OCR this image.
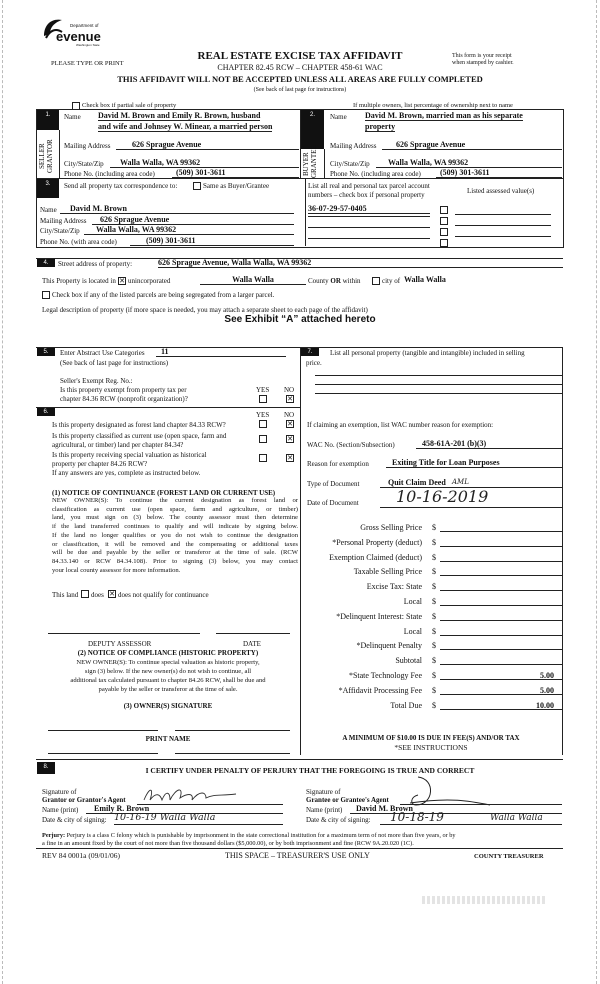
evenue
Department of
Washington State
PLEASE TYPE OR PRINT
REAL ESTATE EXCISE TAX AFFIDAVIT
CHAPTER 82.45 RCW – CHAPTER 458-61 WAC
This form is your receipt
when stamped by cashier.
THIS AFFIDAVIT WILL NOT BE ACCEPTED UNLESS ALL AREAS ARE FULLY COMPLETED
(See back of last page for instructions)
Check box if partial sale of property	If multiple owners, list percentage of ownership next to name
1.
SELLER
GRANTOR
Name David M. Brown and Emily R. Brown, husband
and wife and Johnsey W. Minear, a married person
Mailing Address	626 Sprague Avenue
City/State/Zip	Walla Walla, WA 99362
Phone No. (including area code)	(509) 301-3611
2.
BUYER
GRANTEE
Name David M. Brown, married man as his separate
property
Mailing Address	626 Sprague Avenue
City/State/Zip	Walla Walla, WA 99362
Phone No. (including area code)	(509) 301-3611
3.	Send all property tax correspondence to:	Same as Buyer/Grantee
Name	David M. Brown
Mailing Address	626 Sprague Avenue
City/State/Zip	Walla Walla, WA 99362
Phone No. (with area code)	(509) 301-3611
List all real and personal tax parcel account
numbers – check box if personal property	Listed assessed value(s)
36-07-29-57-0405
4.	Street address of property:	626 Sprague Avenue, Walla Walla, WA 99362
This Property is located in ✕ unincorporated	Walla Walla	County OR within	city of Walla Walla
Check box if any of the listed parcels are being segregated from a larger parcel.
Legal description of property (if more space is needed, you may attach a separate sheet to each page of the affidavit)
See Exhibit “A” attached hereto
5.	Enter Abstract Use Categories	11
(See back of last page for instructions)
Seller's Exempt Reg. No.:
Is this property exempt from property tax per
chapter 84.36 RCW (nonprofit organization)?
YES NO
✕
6.	YES NO
Is this property designated as forest land chapter 84.33 RCW?	✕
Is this property classified as current use (open space, farm and
agricultural, or timber) land per chapter 84.34?
✕
Is this property receiving special valuation as historical
property per chapter 84.26 RCW?
✕
If any answers are yes, complete as instructed below.
(1) NOTICE OF CONTINUANCE (FOREST LAND OR CURRENT USE)
NEW OWNER(S): To continue the current designation as forest land or
classification as current use (open space, farm and agriculture, or timber)
land, you must sign on (3) below. The county assessor must then determine
if the land transferred continues to qualify and will indicate by signing below.
If the land no longer qualifies or you do not wish to continue the designation
or classification, it will be removed and the compensating or additional taxes
will be due and payable by the seller or transferor at the time of sale. (RCW
84.33.140 or RCW 84.34.108). Prior to signing (3) below, you may contact
your local county assessor for more information.
This land does ✕ does not qualify for continuance
DEPUTY ASSESSOR	DATE
(2) NOTICE OF COMPLIANCE (HISTORIC PROPERTY)
NEW OWNER(S): To continue special valuation as historic property,
sign (3) below. If the new owner(s) do not wish to continue, all
additional tax calculated pursuant to chapter 84.26 RCW, shall be due and
payable by the seller or transferor at the time of sale.
(3) OWNER(S) SIGNATURE
PRINT NAME
7.	List all personal property (tangible and intangible) included in selling
price.
If claiming an exemption, list WAC number reason for exemption:
WAC No. (Section/Subsection)	458-61A-201 (b)(3)
Reason for exemption	Exiting Title for Loan Purposes
Type of Document	Quit Claim Deed
Date of Document 10-16-2019
AML
Gross Selling Price $
*Personal Property (deduct) $
Exemption Claimed (deduct) $
Taxable Selling Price $
Excise Tax: State $
Local $
*Delinquent Interest: State $
Local $
*Delinquent Penalty $
Subtotal $
*State Technology Fee $	5.00
*Affidavit Processing Fee $	5.00
Total Due $	10.00
A MINIMUM OF $10.00 IS DUE IN FEE(S) AND/OR TAX
*SEE INSTRUCTIONS
8.	I CERTIFY UNDER PENALTY OF PERJURY THAT THE FOREGOING IS TRUE AND CORRECT
Signature of
Grantor or Grantor's Agent
Name (print)	Emily R. Brown
Date & city of signing: 10-16-19 Walla Walla
Signature of
Grantee or Grantee's Agent
Name (print)	David M. Brown
Date & city of signing: 10-18-19	Walla Walla
Perjury: Perjury is a class C felony which is punishable by imprisonment in the state correctional institution for a maximum term of not more than five years, or by
a fine in an amount fixed by the court of not more than five thousand dollars ($5,000.00), or by both imprisonment and fine (RCW 9A.20.020 (1C).
REV 84 0001a (09/01/06)	THIS SPACE – TREASURER'S USE ONLY	COUNTY TREASURER
